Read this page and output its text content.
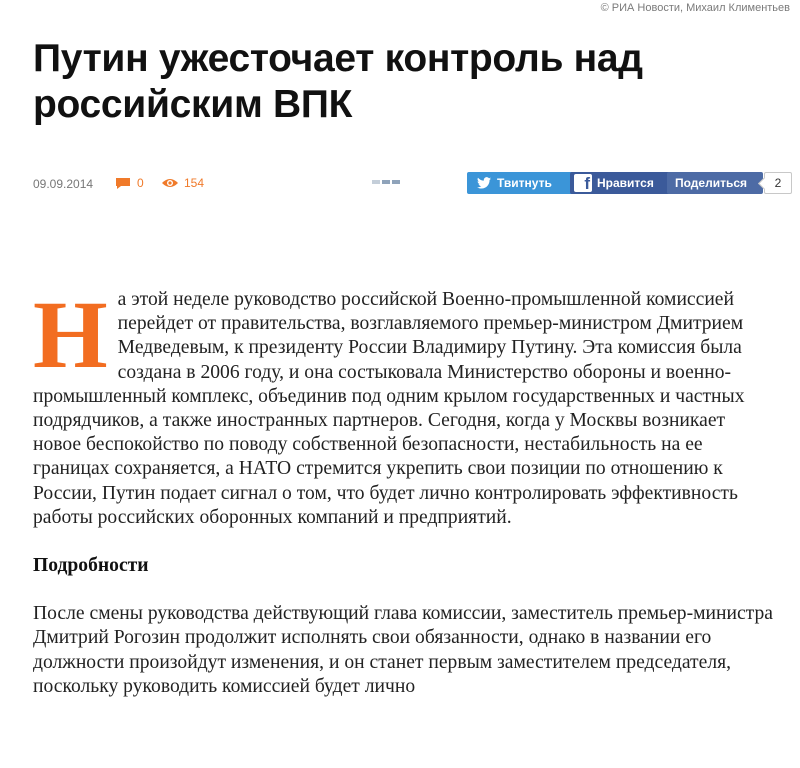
© РИА Новости, Михаил Климентьев
Путин ужесточает контроль над российским ВПК
09.09.2014	0	154	Твитнуть f Нравится	Поделиться	2
Н а этой неделе руководство российской Военно-промышленной комиссией перейдет от правительства, возглавляемого премьер-министром Дмитрием Медведевым, к президенту России Владимиру Путину. Эта комиссия была создана в 2006 году, и она состыковала Министерство обороны и военно-промышленный комплекс, объединив под одним крылом государственных и частных подрядчиков, а также иностранных партнеров. Сегодня, когда у Москвы возникает новое беспокойство по поводу собственной безопасности, нестабильность на ее границах сохраняется, а НАТО стремится укрепить свои позиции по отношению к России, Путин подает сигнал о том, что будет лично контролировать эффективность работы российских оборонных компаний и предприятий.

Подробности

После смены руководства действующий глава комиссии, заместитель премьер-министра Дмитрий Рогозин продолжит исполнять свои обязанности, однако в названии его должности произойдут изменения, и он станет первым заместителем председателя, поскольку руководить комиссией будет лично
